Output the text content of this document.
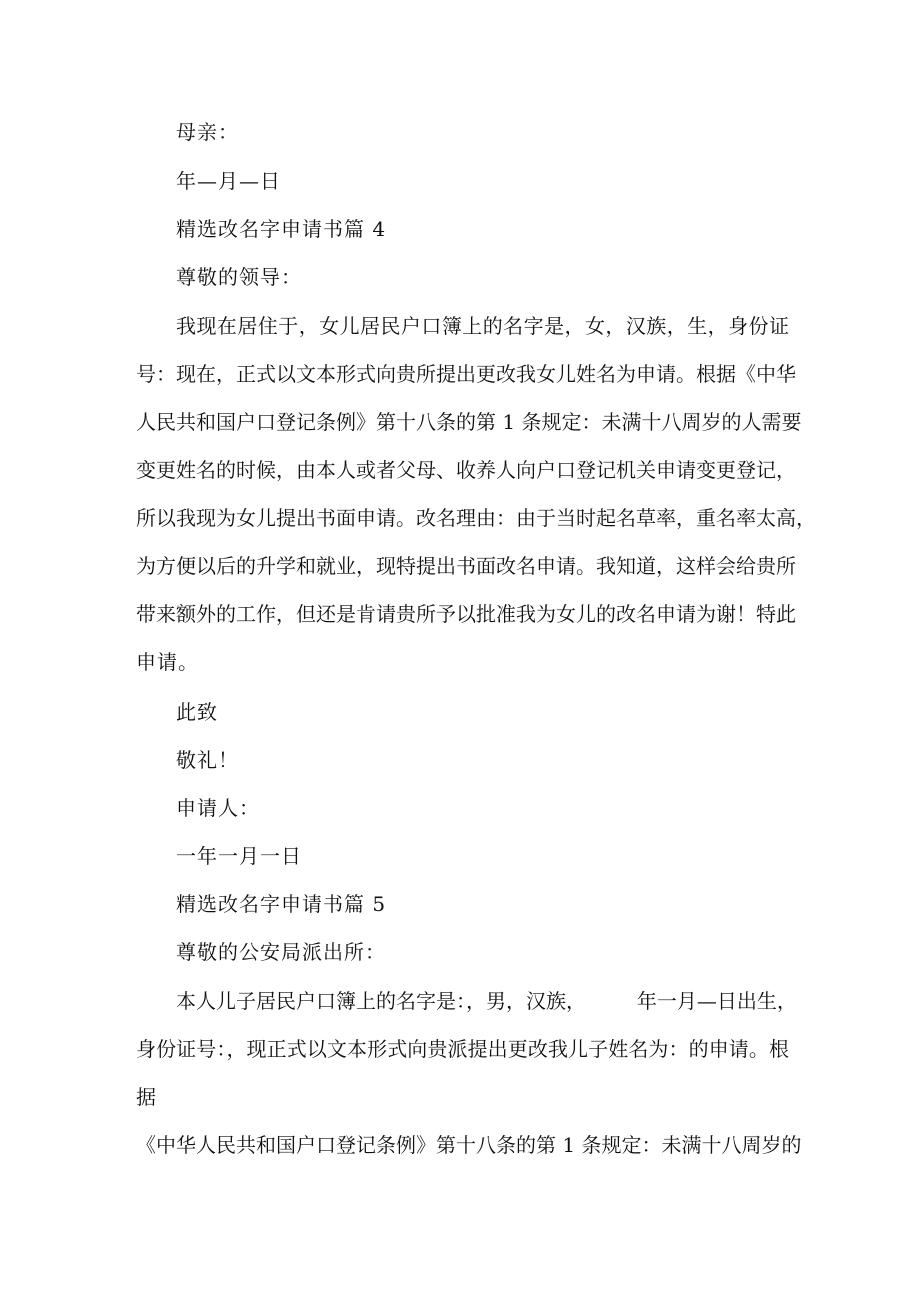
母亲：

年—月—日

精选改名字申请书篇 4

尊敬的领导：

我现在居住于，女儿居民户口簿上的名字是，女，汉族，生，身份证

号：现在，正式以文本形式向贵所提出更改我女儿姓名为申请。根据《中华

人民共和国户口登记条例》第十八条的第 1 条规定：未满十八周岁的人需要

变更姓名的时候，由本人或者父母、收养人向户口登记机关申请变更登记，

所以我现为女儿提出书面申请。改名理由：由于当时起名草率，重名率太高，

为方便以后的升学和就业，现特提出书面改名申请。我知道，这样会给贵所

带来额外的工作，但还是肯请贵所予以批准我为女儿的改名申请为谢！特此

申请。

此致

敬礼！

申请人：

一年一月一日

精选改名字申请书篇 5

尊敬的公安局派出所：

本人儿子居民户口簿上的名字是：，男，汉族，        年一月—日出生，

身份证号：，现正式以文本形式向贵派提出更改我儿子姓名为：的申请。根

据

《中华人民共和国户口登记条例》第十八条的第 1 条规定：未满十八周岁的
